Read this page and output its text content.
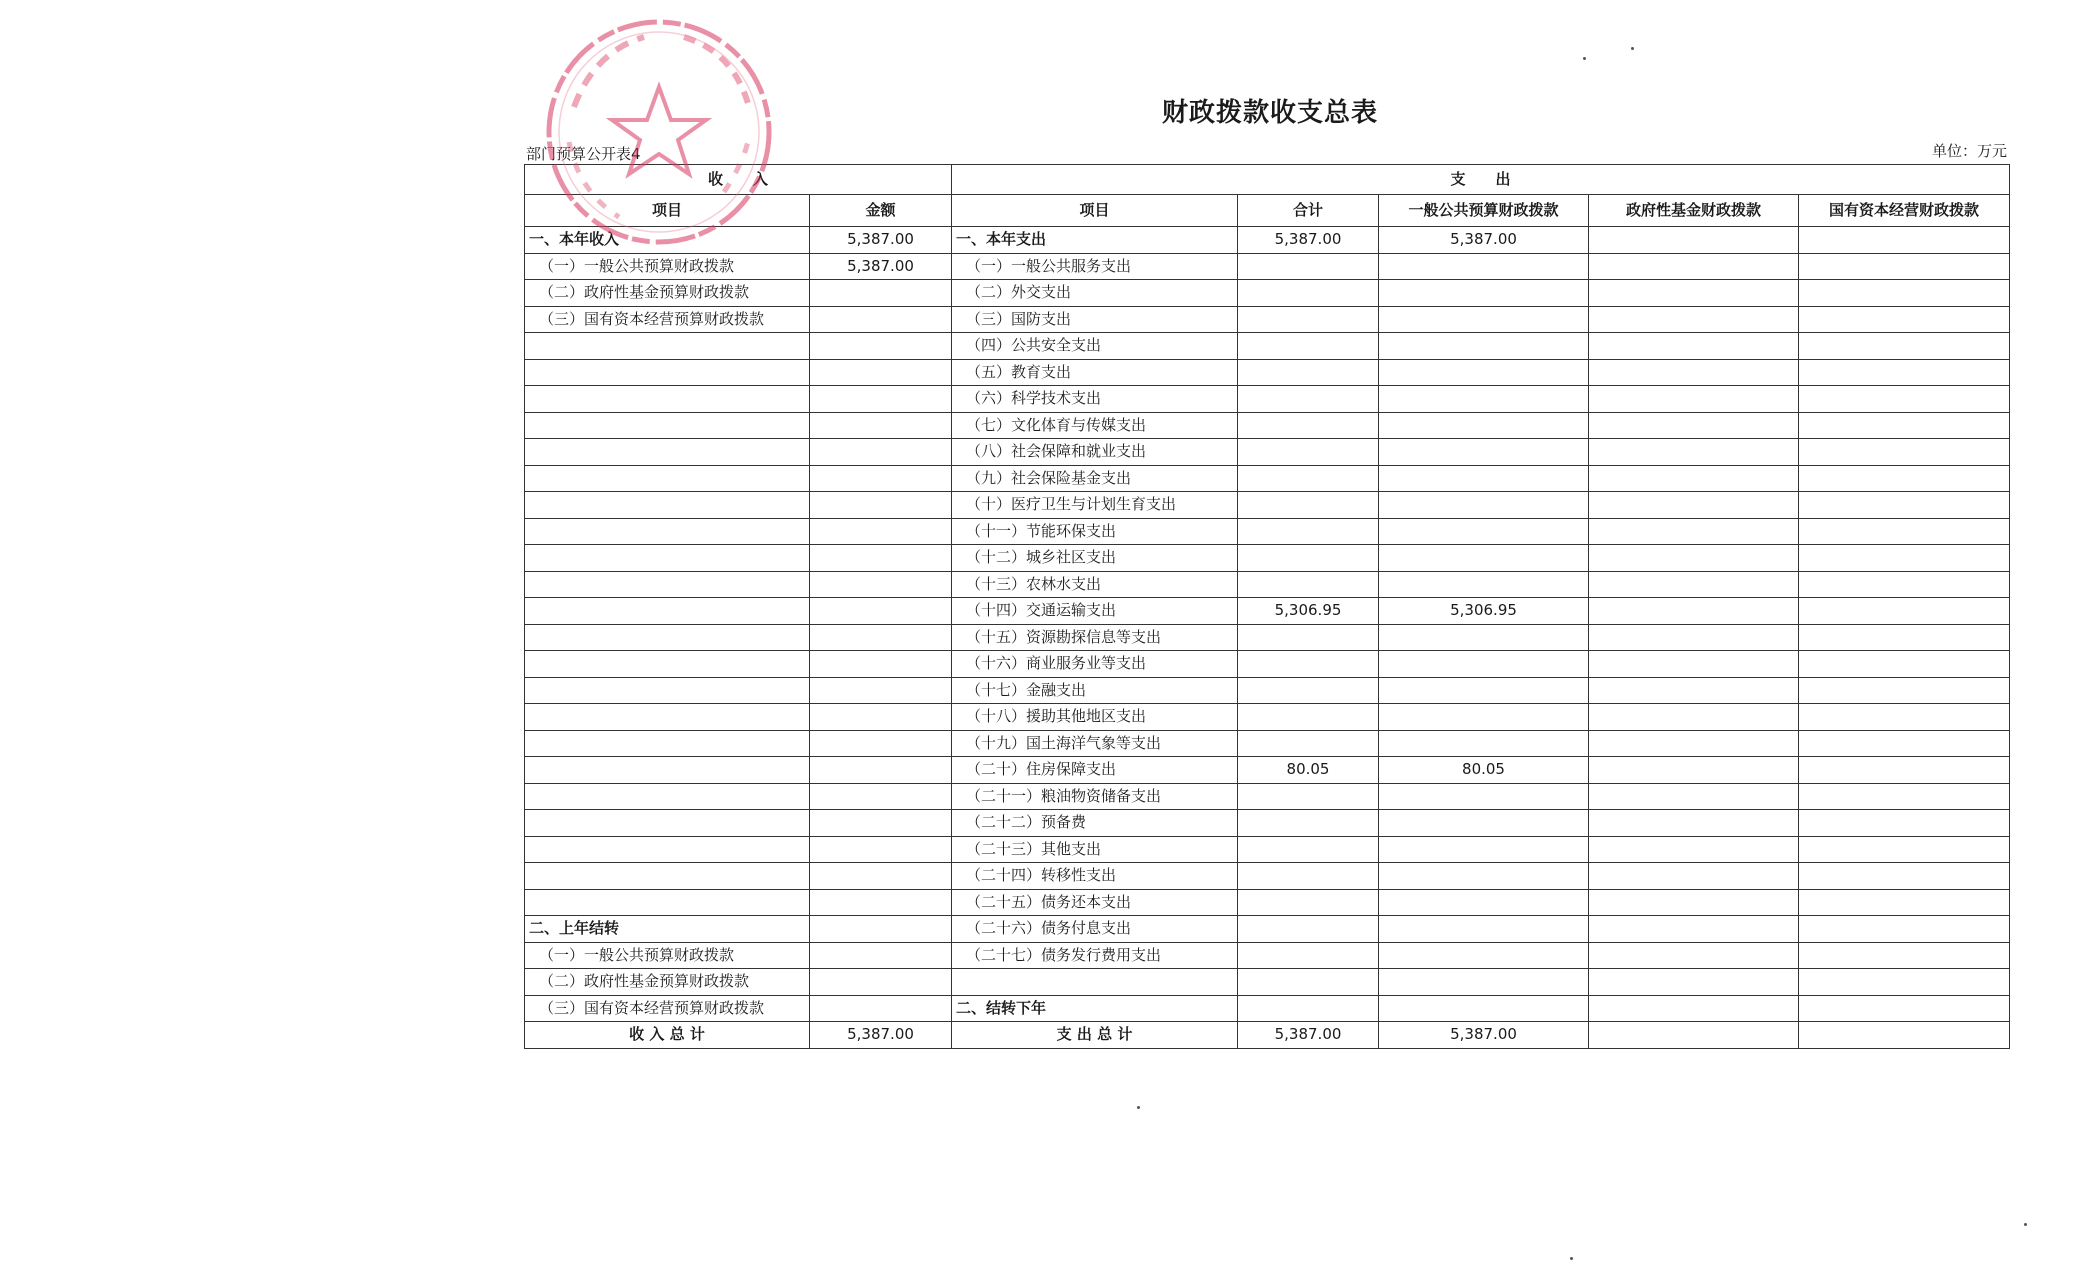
财政拨款收支总表
部门预算公开表4	单位：万元
收　　入		支　　出				
项目	金额	项目	合计	一般公共预算财政拨款	政府性基金财政拨款	国有资本经营财政拨款
一、本年收入	5,387.00	一、本年支出	5,387.00	5,387.00		
（一）一般公共预算财政拨款	5,387.00	（一）一般公共服务支出				
（二）政府性基金预算财政拨款		（二）外交支出				
（三）国有资本经营预算财政拨款		（三）国防支出				
		（四）公共安全支出				
		（五）教育支出				
		（六）科学技术支出				
		（七）文化体育与传媒支出				
		（八）社会保障和就业支出				
		（九）社会保险基金支出				
		（十）医疗卫生与计划生育支出				
		（十一）节能环保支出				
		（十二）城乡社区支出				
		（十三）农林水支出				
		（十四）交通运输支出	5,306.95	5,306.95		
		（十五）资源勘探信息等支出				
		（十六）商业服务业等支出				
		（十七）金融支出				
		（十八）援助其他地区支出				
		（十九）国土海洋气象等支出				
		（二十）住房保障支出	80.05	80.05		
		（二十一）粮油物资储备支出				
		（二十二）预备费				
		（二十三）其他支出				
		（二十四）转移性支出				
		（二十五）债务还本支出				
二、上年结转		（二十六）债务付息支出				
（一）一般公共预算财政拨款		（二十七）债务发行费用支出				
（二）政府性基金预算财政拨款						
（三）国有资本经营预算财政拨款		二、结转下年				
收 入 总 计	5,387.00	支 出 总 计	5,387.00	5,387.00		
